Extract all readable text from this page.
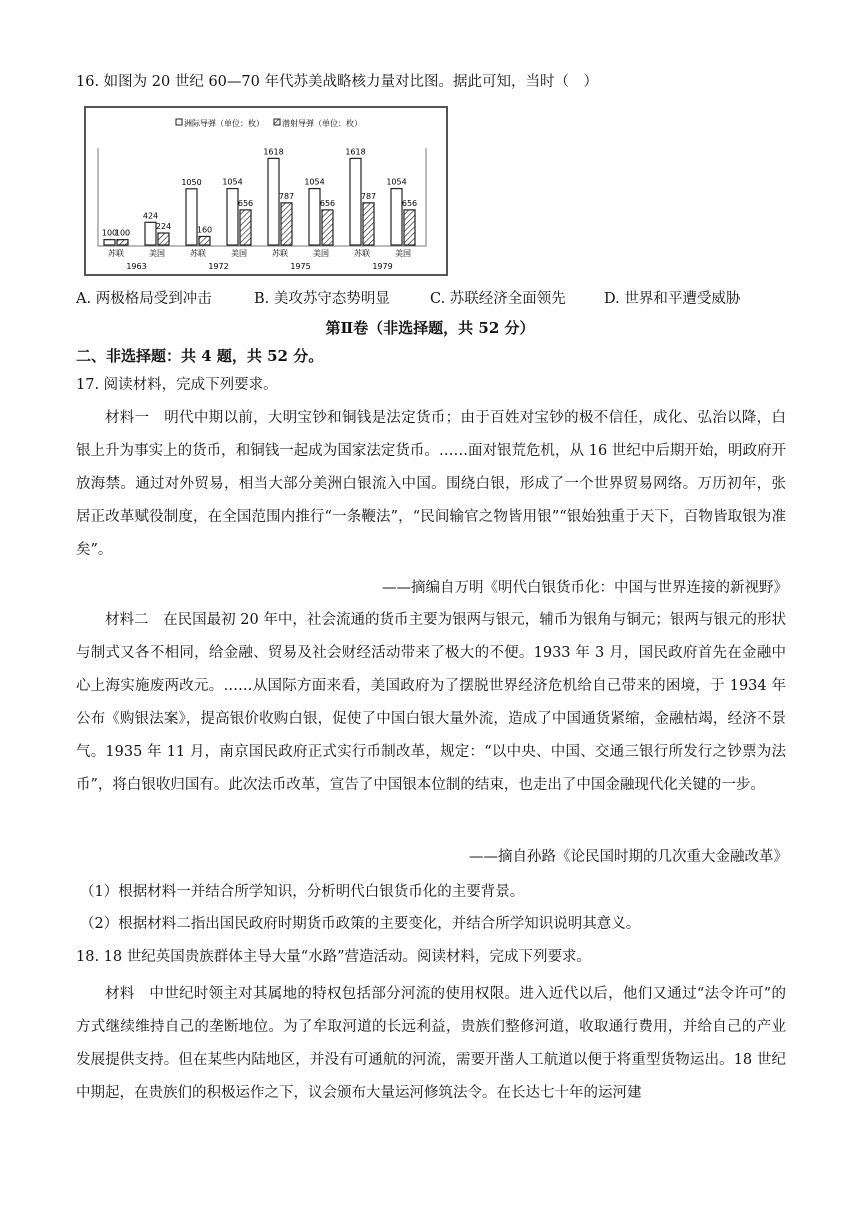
16. 如图为 20 世纪 60—70 年代苏美战略核力量对比图。据此可知，当时（　）
洲际导弹（单位：枚） 潜射导弹（单位：枚）
100
100
苏联
424
224
美国
1963
1050
160
苏联
1054
656
美国
1972
1618
787
苏联
1054
656
美国
1975
1618
787
苏联
1054
656
美国
1979
A. 两极格局受到冲击	B. 美攻苏守态势明显	C. 苏联经济全面领先	D. 世界和平遭受威胁
第Ⅱ卷（非选择题，共 52 分）
二、非选择题：共 4 题，共 52 分。
17. 阅读材料，完成下列要求。
材料一　明代中期以前，大明宝钞和铜钱是法定货币；由于百姓对宝钞的极不信任，成化、弘治以降，白银上升为事实上的货币，和铜钱一起成为国家法定货币。……面对银荒危机，从 16 世纪中后期开始，明政府开放海禁。通过对外贸易，相当大部分美洲白银流入中国。围绕白银，形成了一个世界贸易网络。万历初年，张居正改革赋役制度，在全国范围内推行“一条鞭法”，“民间输官之物皆用银”“银始独重于天下，百物皆取银为准矣”。
——摘编自万明《明代白银货币化：中国与世界连接的新视野》
材料二　在民国最初 20 年中，社会流通的货币主要为银两与银元，辅币为银角与铜元；银两与银元的形状与制式又各不相同，给金融、贸易及社会财经活动带来了极大的不便。1933 年 3 月，国民政府首先在金融中心上海实施废两改元。……从国际方面来看，美国政府为了摆脱世界经济危机给自己带来的困境，于 1934 年公布《购银法案》，提高银价收购白银，促使了中国白银大量外流，造成了中国通货紧缩，金融枯竭，经济不景气。1935 年 11 月，南京国民政府正式实行币制改革，规定：“以中央、中国、交通三银行所发行之钞票为法币”，将白银收归国有。此次法币改革，宣告了中国银本位制的结束，也走出了中国金融现代化关键的一步。
——摘自孙路《论民国时期的几次重大金融改革》
（1）根据材料一并结合所学知识，分析明代白银货币化的主要背景。
（2）根据材料二指出国民政府时期货币政策的主要变化，并结合所学知识说明其意义。
18. 18 世纪英国贵族群体主导大量“水路”营造活动。阅读材料，完成下列要求。
材料　中世纪时领主对其属地的特权包括部分河流的使用权限。进入近代以后，他们又通过“法令许可”的方式继续维持自己的垄断地位。为了牟取河道的长远利益，贵族们整修河道，收取通行费用，并给自己的产业发展提供支持。但在某些内陆地区，并没有可通航的河流，需要开凿人工航道以便于将重型货物运出。18 世纪中期起，在贵族们的积极运作之下，议会颁布大量运河修筑法令。在长达七十年的运河建
